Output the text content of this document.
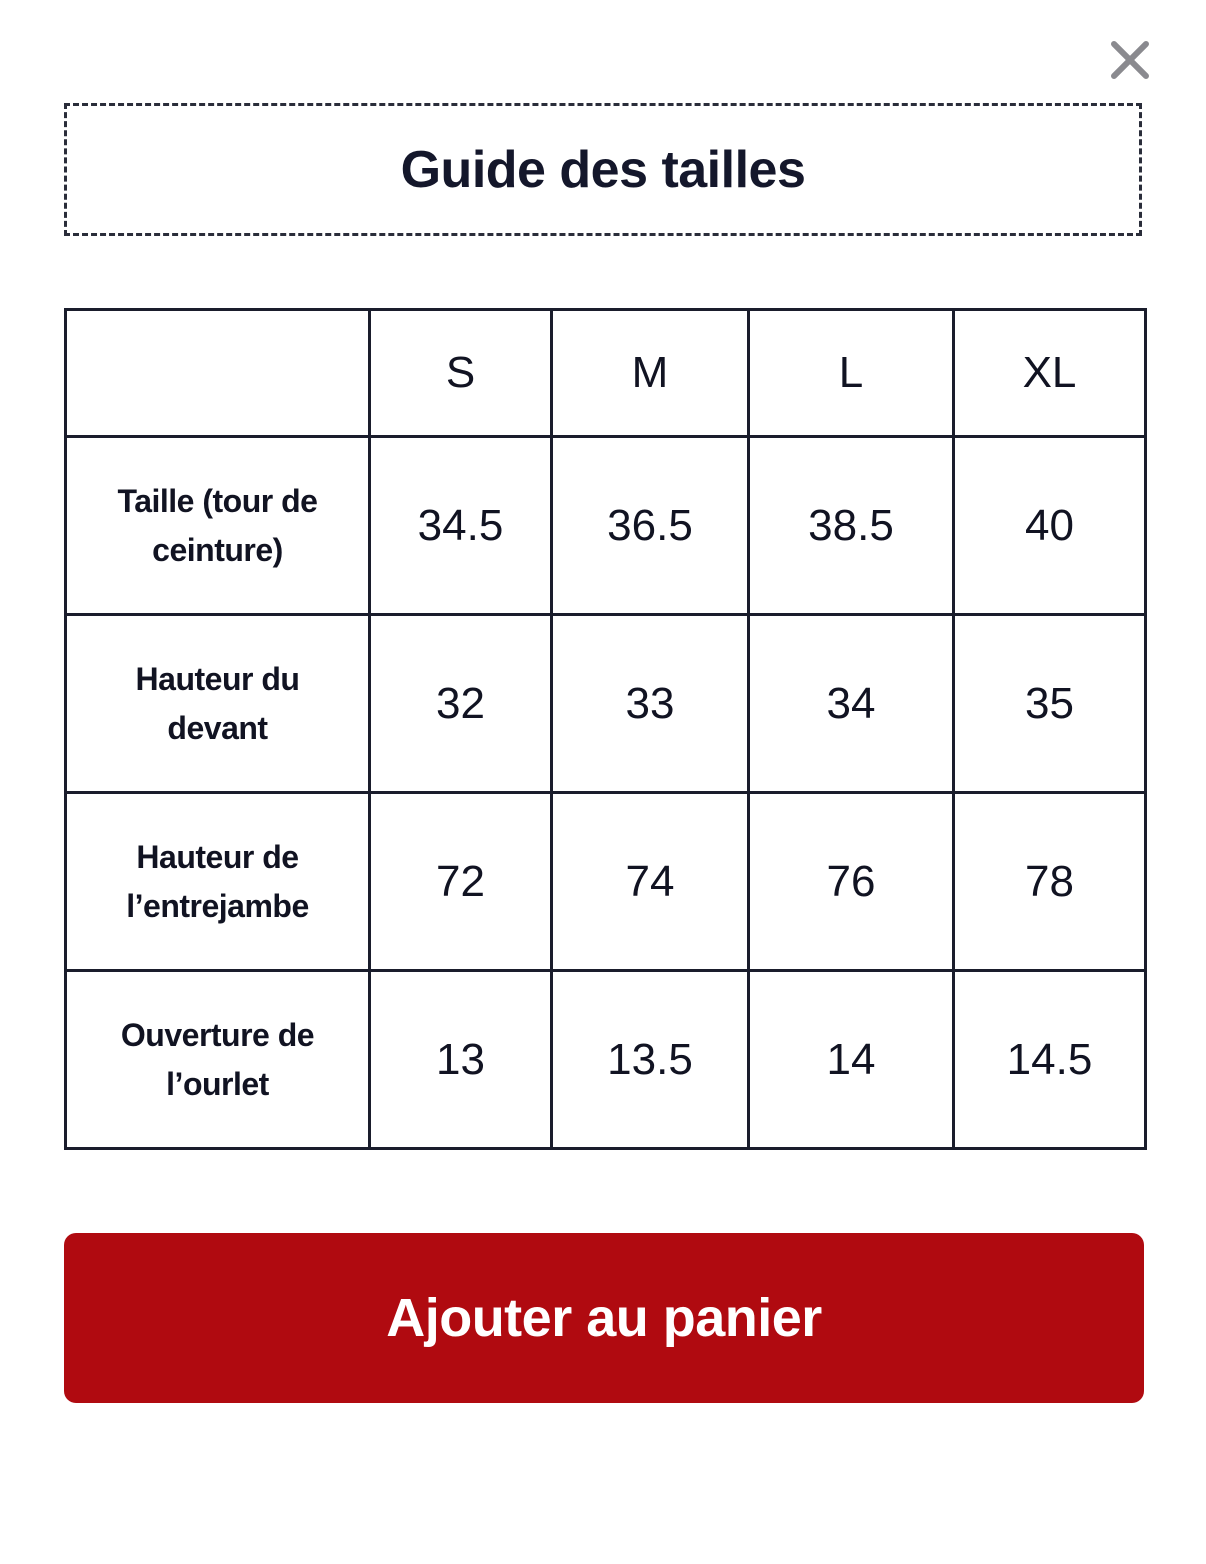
Guide des tailles
	S	M	L	XL
Taille (tour de ceinture)	34.5	36.5	38.5	40
Hauteur du devant	32	33	34	35
Hauteur de l’entrejambe	72	74	76	78
Ouverture de l’ourlet	13	13.5	14	14.5
Ajouter au panier
